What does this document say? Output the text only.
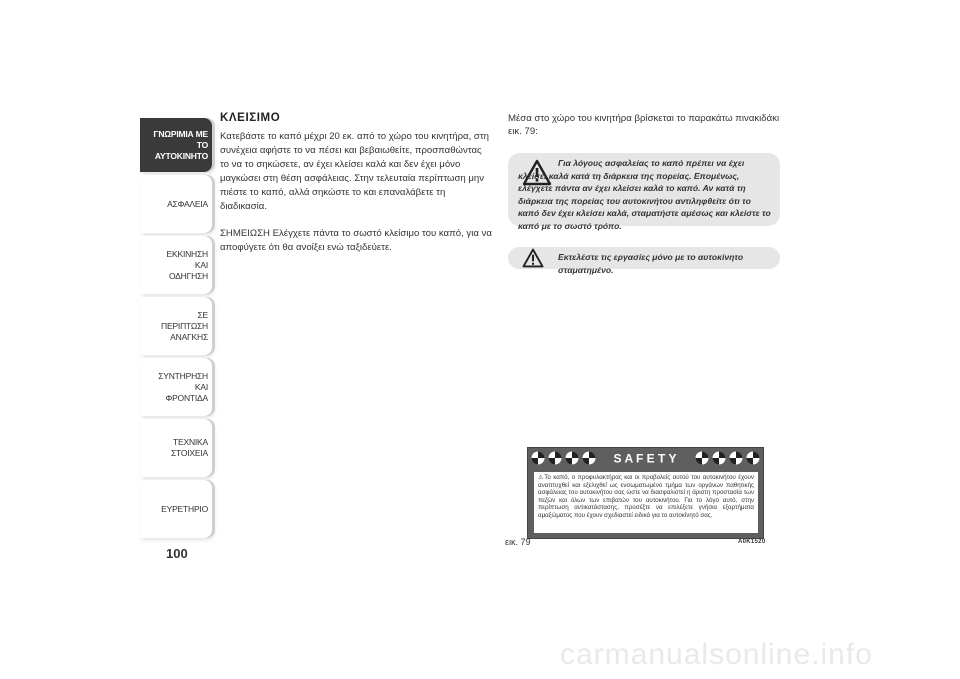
ΓΝΩΡΙΜΙΑ ΜΕ ΤΟ ΑΥΤΟΚΙΝΗΤΟ
ΑΣΦΑΛΕΙΑ
ΕΚΚΙΝΗΣΗ ΚΑΙ ΟΔΗΓΗΣΗ
ΣΕ ΠΕΡΙΠΤΩΣΗ ΑΝΑΓΚΗΣ
ΣΥΝΤΗΡΗΣΗ ΚΑΙ ΦΡΟΝΤΙΔΑ
ΤΕΧΝΙΚΑ ΣΤΟΙΧΕΙΑ
ΕΥΡΕΤΗΡΙΟ
100

ΚΛΕΙΣΙΜΟ

Κατεβάστε το καπό μέχρι 20 εκ. από το χώρο του κινητήρα, στη συνέχεια αφήστε το να πέσει και βεβαιωθείτε, προσπαθώντας το να το σηκώσετε, αν έχει κλείσει καλά και δεν έχει μόνο μαγκώσει στη θέση ασφάλειας. Στην τελευταία περίπτωση μην πιέστε το καπό, αλλά σηκώστε το και επαναλάβετε τη διαδικασία.

ΣΗΜΕΙΩΣΗ Ελέγχετε πάντα το σωστό κλείσιμο του καπό, για να αποφύγετε ότι θα ανοίξει ενώ ταξιδεύετε.

Μέσα στο χώρο του κινητήρα βρίσκεται το παρακάτω πινακιδάκι εικ. 79:

Για λόγους ασφαλείας το καπό πρέπει να έχει κλείσει καλά κατά τη διάρκεια της πορείας. Επομένως, ελέγχετε πάντα αν έχει κλείσει καλά το καπό. Αν κατά τη διάρκεια της πορείας του αυτοκινήτου αντιληφθείτε ότι το καπό δεν έχει κλείσει καλά, σταματήστε αμέσως και κλείστε το καπό με το σωστό τρόπο.
Εκτελέστε τις εργασίες μόνο με το αυτοκίνητο σταματημένο.
S A F E T Y
⚠Το καπό, ο προφυλακτήρας και οι προβολείς αυτού του αυτοκινήτου έχουν αναπτυχθεί και εξελιχθεί ως ενσωματωμένο τμήμα των οργάνων παθητικής ασφάλειας του αυτοκινήτου σας ώστε να διασφαλιστεί η άριστη προστασία των πεζών και όλων των επιβατών του αυτοκινήτου. Για το λόγο αυτό, στην περίπτωση αντικατάστασης, προσέξτε να επιλέξετε γνήσια εξαρτήματα αμαξώματος που έχουν σχεδιαστεί ειδικά για το αυτοκίνητό σας.
εικ. 79	A0K1520
carmanualsonline.info
